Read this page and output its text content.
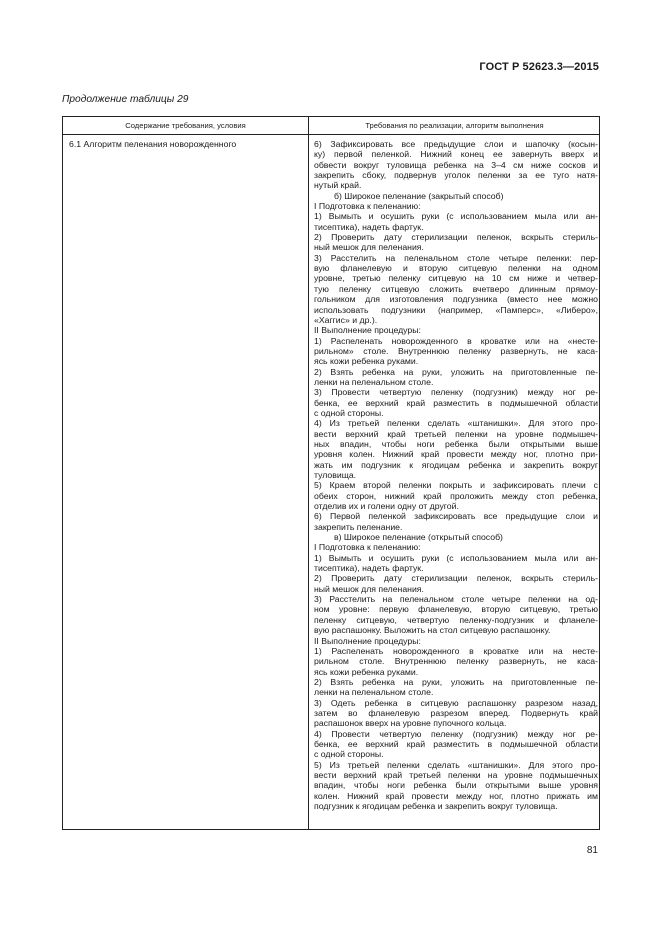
ГОСТ Р 52623.3—2015
Продолжение таблицы 29
Содержание требования, условия	Требования по реализации, алгоритм выполнения
6.1 Алгоритм пеленания новорожденного	6) Зафиксировать все предыдущие слои и шапочку (косын-
ку) первой пеленкой. Нижний конец ее завернуть вверх и
обвести вокруг туловища ребенка на 3–4 см ниже сосков и
закрепить сбоку, подвернув уголок пеленки за ее туго натя-
нутый край.
б) Широкое пеленание (закрытый способ)
I Подготовка к пеленанию:
1) Вымыть и осушить руки (с использованием мыла или ан-
тисептика), надеть фартук.
2) Проверить дату стерилизации пеленок, вскрыть стериль-
ный мешок для пеленания.
3) Расстелить на пеленальном столе четыре пеленки: пер-
вую фланелевую и вторую ситцевую пеленки на одном
уровне, третью пеленку ситцевую на 10 см ниже и четвер-
тую пеленку ситцевую сложить вчетверо длинным прямоу-
гольником для изготовления подгузника (вместо нее можно
использовать подгузники (например, «Памперс», «Либеро»,
«Хаггис» и др.).
II Выполнение процедуры:
1) Распеленать новорожденного в кроватке или на «несте-
рильном» столе. Внутреннюю пеленку развернуть, не каса-
ясь кожи ребенка руками.
2) Взять ребенка на руки, уложить на приготовленные пе-
ленки на пеленальном столе.
3) Провести четвертую пеленку (подгузник) между ног ре-
бенка, ее верхний край разместить в подмышечной области
с одной стороны.
4) Из третьей пеленки сделать «штанишки». Для этого про-
вести верхний край третьей пеленки на уровне подмышеч-
ных впадин, чтобы ноги ребенка были открытыми выше
уровня колен. Нижний край провести между ног, плотно при-
жать им подгузник к ягодицам ребенка и закрепить вокруг
туловища.
5) Краем второй пеленки покрыть и зафиксировать плечи с
обеих сторон, нижний край проложить между стоп ребенка,
отделив их и голени одну от другой.
6) Первой пеленкой зафиксировать все предыдущие слои и
закрепить пеленание.
в) Широкое пеленание (открытый способ)
I Подготовка к пеленанию:
1) Вымыть и осушить руки (с использованием мыла или ан-
тисептика), надеть фартук.
2) Проверить дату стерилизации пеленок, вскрыть стериль-
ный мешок для пеленания.
3) Расстелить на пеленальном столе четыре пеленки на од-
ном уровне: первую фланелевую, вторую ситцевую, третью
пеленку ситцевую, четвертую пеленку-подгузник и фланеле-
вую распашонку. Выложить на стол ситцевую распашонку.
II Выполнение процедуры:
1) Распеленать новорожденного в кроватке или на несте-
рильном столе. Внутреннюю пеленку развернуть, не каса-
ясь кожи ребенка руками.
2) Взять ребенка на руки, уложить на приготовленные пе-
ленки на пеленальном столе.
3) Одеть ребенка в ситцевую распашонку разрезом назад,
затем во фланелевую разрезом вперед. Подвернуть край
распашонок вверх на уровне пупочного кольца.
4) Провести четвертую пеленку (подгузник) между ног ре-
бенка, ее верхний край разместить в подмышечной области
с одной стороны.
5) Из третьей пеленки сделать «штанишки». Для этого про-
вести верхний край третьей пеленки на уровне подмышечных
впадин, чтобы ноги ребенка были открытыми выше уровня
колен. Нижний край провести между ног, плотно прижать им
подгузник к ягодицам ребенка и закрепить вокруг туловища.
81
